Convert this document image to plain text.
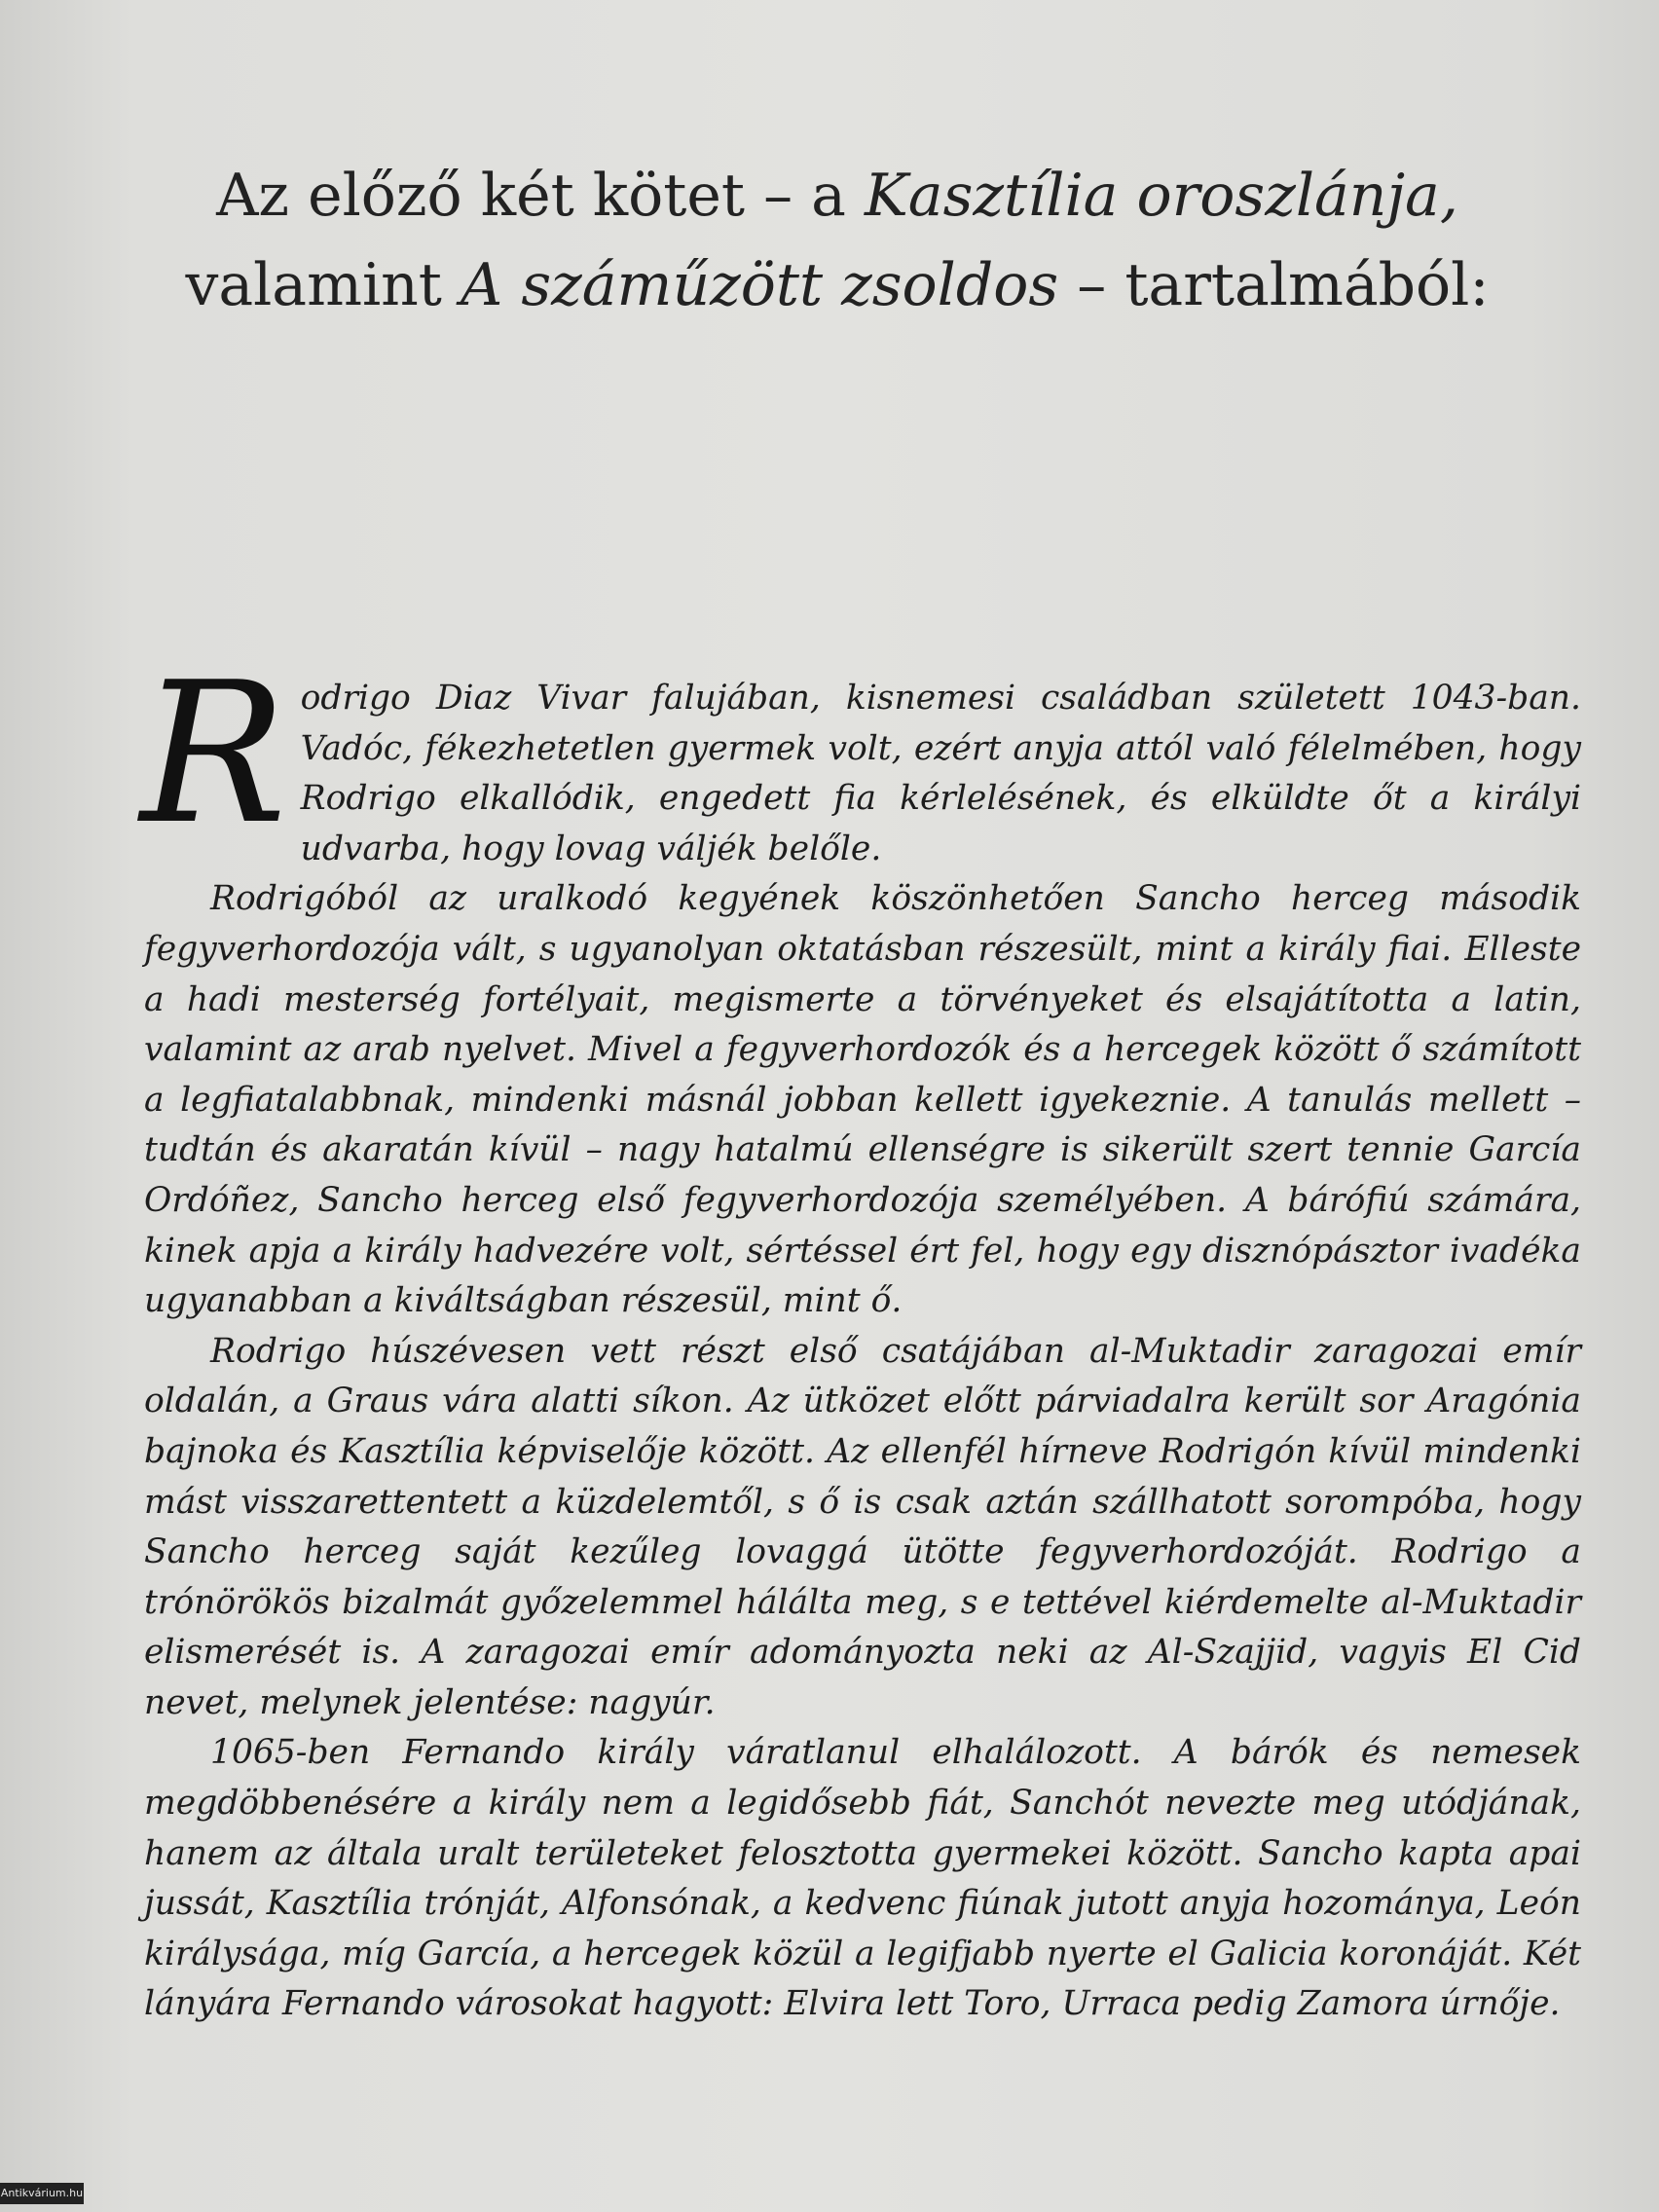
Az előző két kötet – a Kasztília oroszlánja,
valamint A száműzött zsoldos – tartalmából:

Rodrigo Diaz Vivar falujában, kisnemesi családban született 1043-ban. Vadóc, fékezhetetlen gyermek volt, ezért anyja attól való félelmében, hogy Rodrigo elkallódik, engedett fia kérlelésének, és elküldte őt a királyi udvarba, hogy lovag váljék belőle.

Rodrigóból az uralkodó kegyének köszönhetően Sancho herceg második fegyverhordozója vált, s ugyanolyan oktatásban részesült, mint a király fiai. Elleste a hadi mesterség fortélyait, megismerte a törvényeket és elsajátította a latin, valamint az arab nyelvet. Mivel a fegyverhordozók és a hercegek között ő számított a legfiatalabbnak, mindenki másnál jobban kellett igyekeznie. A tanulás mellett – tudtán és akaratán kívül – nagy hatalmú ellenségre is sikerült szert tennie García Ordóñez, Sancho herceg első fegyverhordozója személyében. A bárófiú számára, kinek apja a király hadvezére volt, sértéssel ért fel, hogy egy disznópásztor ivadéka ugyanabban a kiváltságban részesül, mint ő.

Rodrigo húszévesen vett részt első csatájában al-Muktadir zaragozai emír oldalán, a Graus vára alatti síkon. Az ütközet előtt párviadalra került sor Aragónia bajnoka és Kasztília képviselője között. Az ellenfél hírneve Rodrigón kívül mindenki mást visszarettentett a küzdelemtől, s ő is csak aztán szállhatott sorompóba, hogy Sancho herceg saját kezűleg lovaggá ütötte fegyverhordozóját. Rodrigo a trónörökös bizalmát győzelemmel hálálta meg, s e tettével kiérdemelte al-Muktadir elismerését is. A zaragozai emír adományozta neki az Al-Szajjid, vagyis El Cid nevet, melynek jelentése: nagyúr.

1065-ben Fernando király váratlanul elhalálozott. A bárók és nemesek megdöbbenésére a király nem a legidősebb fiát, Sanchót nevezte meg utódjának, hanem az általa uralt területeket felosztotta gyermekei között. Sancho kapta apai jussát, Kasztília trónját, Alfonsónak, a kedvenc fiúnak jutott anyja hozománya, León királysága, míg García, a hercegek közül a legifjabb nyerte el Galicia koronáját. Két lányára Fernando városokat hagyott: Elvira lett Toro, Urraca pedig Zamora úrnője.

Antikvárium.hu
